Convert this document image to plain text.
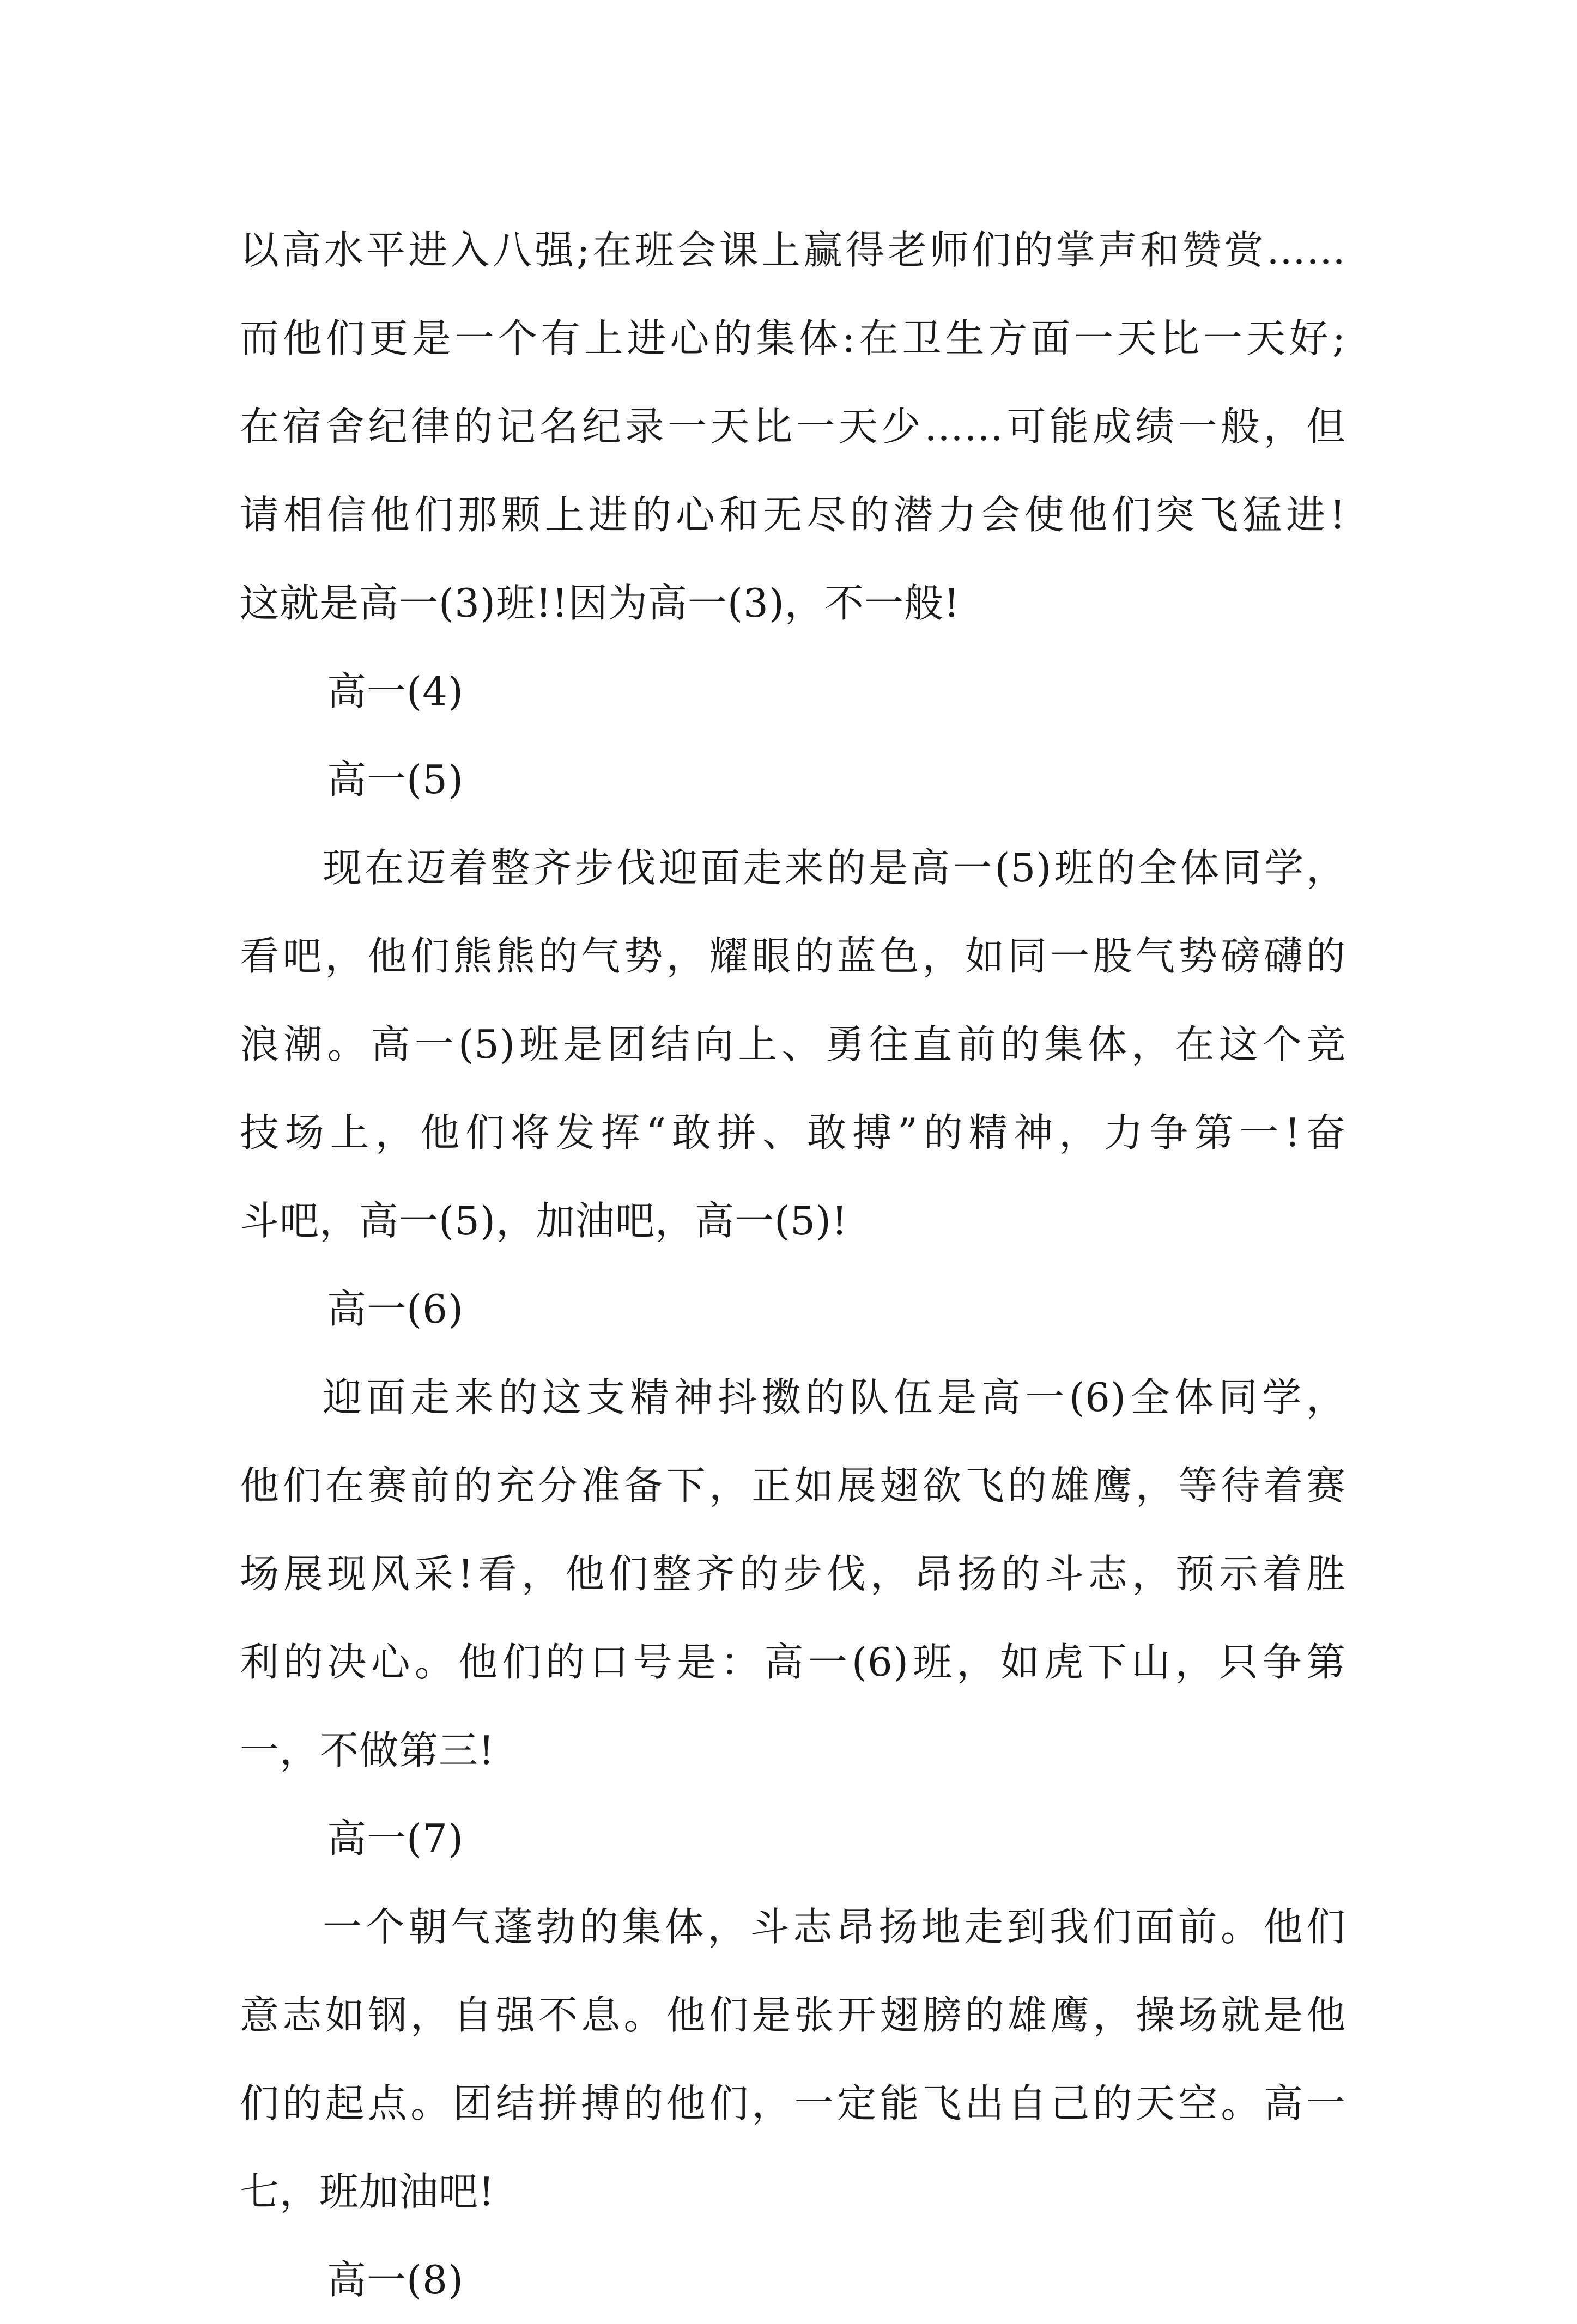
以高水平进入八强;在班会课上赢得老师们的掌声和赞赏……
而他们更是一个有上进心的集体:在卫生方面一天比一天好;
在宿舍纪律的记名纪录一天比一天少……可能成绩一般，但
请相信他们那颗上进的心和无尽的潜力会使他们突飞猛进!
这就是高一(3)班!!因为高一(3)，不一般!
高一(4)
高一(5)
现在迈着整齐步伐迎面走来的是高一(5)班的全体同学，
看吧，他们熊熊的气势，耀眼的蓝色，如同一股气势磅礴的
浪潮。高一(5)班是团结向上、勇往直前的集体，在这个竞
技场上，他们将发挥“敢拼、敢搏”的精神，力争第一!奋
斗吧，高一(5)，加油吧，高一(5)!
高一(6)
迎面走来的这支精神抖擞的队伍是高一(6)全体同学，
他们在赛前的充分准备下，正如展翅欲飞的雄鹰，等待着赛
场展现风采!看，他们整齐的步伐，昂扬的斗志，预示着胜
利的决心。他们的口号是：高一(6)班，如虎下山，只争第
一，不做第三!
高一(7)
一个朝气蓬勃的集体，斗志昂扬地走到我们面前。他们
意志如钢，自强不息。他们是张开翅膀的雄鹰，操场就是他
们的起点。团结拼搏的他们，一定能飞出自己的天空。高一
七，班加油吧!
高一(8)
